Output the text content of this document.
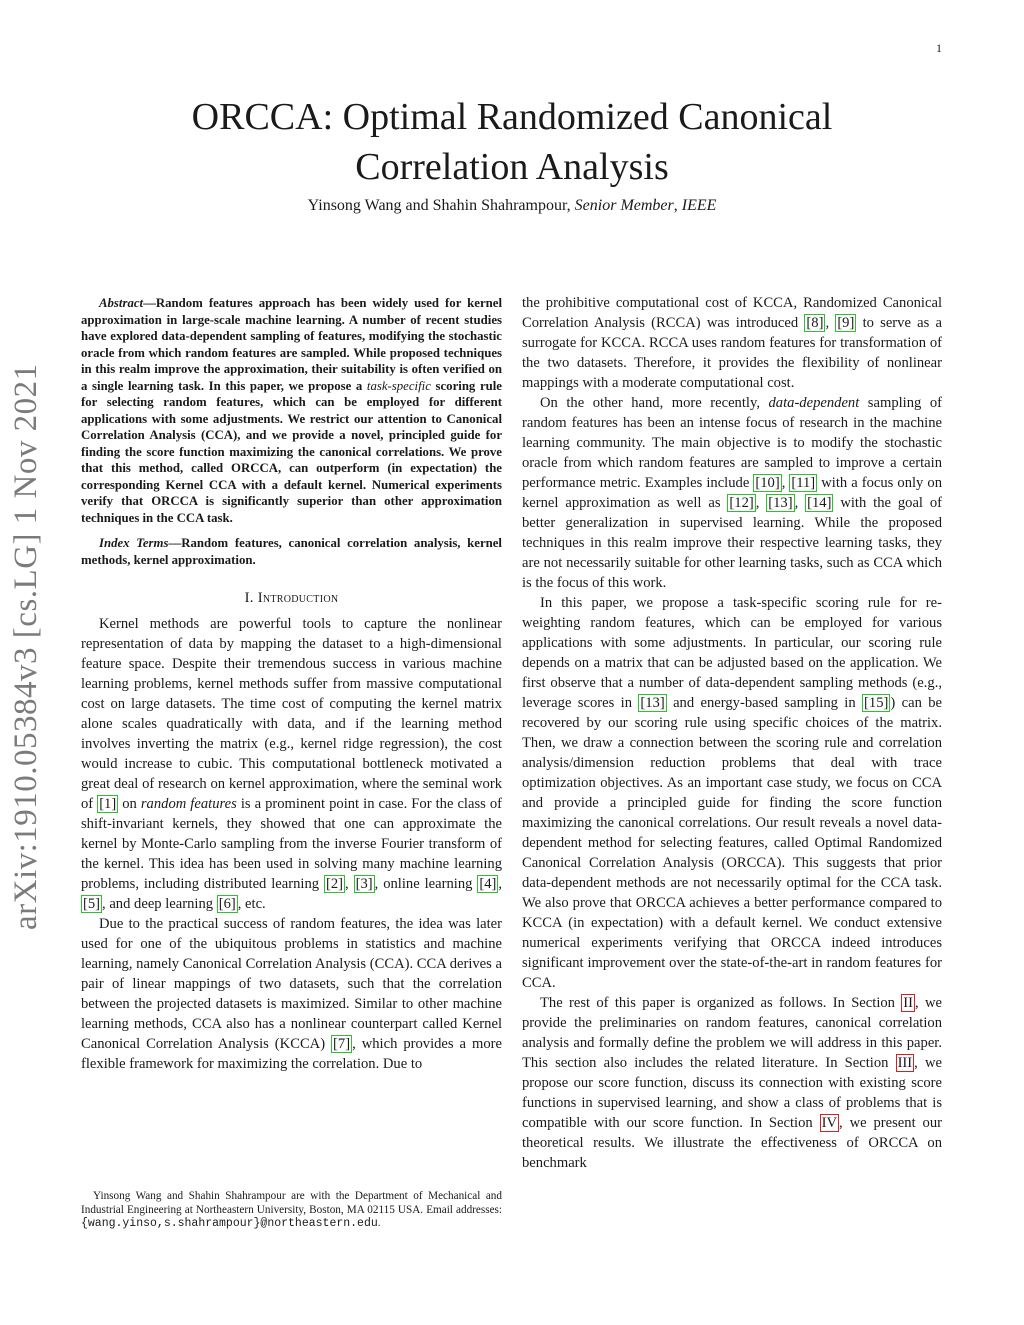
1
arXiv:1910.05384v3 [cs.LG] 1 Nov 2021
ORCCA: Optimal Randomized Canonical Correlation Analysis

Yinsong Wang and Shahin Shahrampour, Senior Member, IEEE

Abstract—Random features approach has been widely used for kernel approximation in large-scale machine learning. A number of recent studies have explored data-dependent sampling of features, modifying the stochastic oracle from which random features are sampled. While proposed techniques in this realm improve the approximation, their suitability is often verified on a single learning task. In this paper, we propose a task-specific scoring rule for selecting random features, which can be employed for different applications with some adjustments. We restrict our attention to Canonical Correlation Analysis (CCA), and we provide a novel, principled guide for finding the score function maximizing the canonical correlations. We prove that this method, called ORCCA, can outperform (in expectation) the corresponding Kernel CCA with a default kernel. Numerical experiments verify that ORCCA is significantly superior than other approximation techniques in the CCA task.

Index Terms—Random features, canonical correlation analysis, kernel methods, kernel approximation.

I. Introduction

Kernel methods are powerful tools to capture the nonlinear representation of data by mapping the dataset to a high-dimensional feature space. Despite their tremendous success in various machine learning problems, kernel methods suffer from massive computational cost on large datasets. The time cost of computing the kernel matrix alone scales quadratically with data, and if the learning method involves inverting the matrix (e.g., kernel ridge regression), the cost would increase to cubic. This computational bottleneck motivated a great deal of research on kernel approximation, where the seminal work of [1] on random features is a prominent point in case. For the class of shift-invariant kernels, they showed that one can approximate the kernel by Monte-Carlo sampling from the inverse Fourier transform of the kernel. This idea has been used in solving many machine learning problems, including distributed learning [2] , [3] , online learning [4] , [5] , and deep learning [6] , etc.

Due to the practical success of random features, the idea was later used for one of the ubiquitous problems in statistics and machine learning, namely Canonical Correlation Analysis (CCA). CCA derives a pair of linear mappings of two datasets, such that the correlation between the projected datasets is maximized. Similar to other machine learning methods, CCA also has a nonlinear counterpart called Kernel Canonical Correlation Analysis (KCCA) [7] , which provides a more flexible framework for maximizing the correlation. Due to

Yinsong Wang and Shahin Shahrampour are with the Department of Mechanical and Industrial Engineering at Northeastern University, Boston, MA 02115 USA. Email addresses: {wang.yinso,s.shahrampour}@northeastern.edu.

the prohibitive computational cost of KCCA, Randomized Canonical Correlation Analysis (RCCA) was introduced [8] , [9] to serve as a surrogate for KCCA. RCCA uses random features for transformation of the two datasets. Therefore, it provides the flexibility of nonlinear mappings with a moderate computational cost.

On the other hand, more recently, data-dependent sampling of random features has been an intense focus of research in the machine learning community. The main objective is to modify the stochastic oracle from which random features are sampled to improve a certain performance metric. Examples include [10] , [11] with a focus only on kernel approximation as well as [12] , [13] , [14] with the goal of better generalization in supervised learning. While the proposed techniques in this realm improve their respective learning tasks, they are not necessarily suitable for other learning tasks, such as CCA which is the focus of this work.

In this paper, we propose a task-specific scoring rule for re-weighting random features, which can be employed for various applications with some adjustments. In particular, our scoring rule depends on a matrix that can be adjusted based on the application. We first observe that a number of data-dependent sampling methods (e.g., leverage scores in [13] and energy-based sampling in [15] ) can be recovered by our scoring rule using specific choices of the matrix. Then, we draw a connection between the scoring rule and correlation analysis/dimension reduction problems that deal with trace optimization objectives. As an important case study, we focus on CCA and provide a principled guide for finding the score function maximizing the canonical correlations. Our result reveals a novel data-dependent method for selecting features, called Optimal Randomized Canonical Correlation Analysis (ORCCA). This suggests that prior data-dependent methods are not necessarily optimal for the CCA task. We also prove that ORCCA achieves a better performance compared to KCCA (in expectation) with a default kernel. We conduct extensive numerical experiments verifying that ORCCA indeed introduces significant improvement over the state-of-the-art in random features for CCA.

The rest of this paper is organized as follows. In Section II , we provide the preliminaries on random features, canonical correlation analysis and formally define the problem we will address in this paper. This section also includes the related literature. In Section III , we propose our score function, discuss its connection with existing score functions in supervised learning, and show a class of problems that is compatible with our score function. In Section IV , we present our theoretical results. We illustrate the effectiveness of ORCCA on benchmark
